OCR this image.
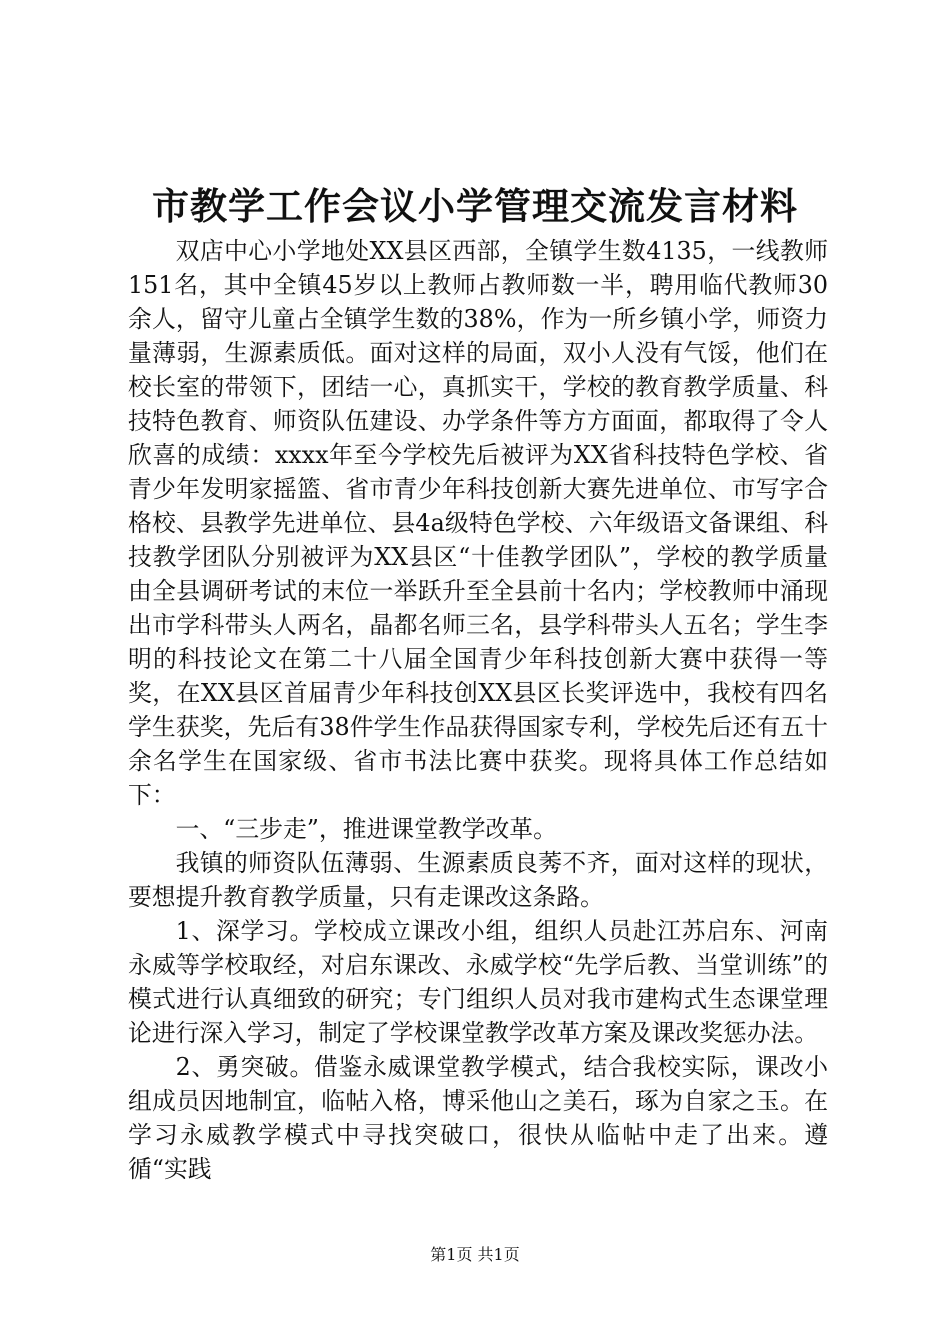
市教学工作会议小学管理交流发言材料

双店中心小学地处XX县区西部，全镇学生数4135，一线教师151名，其中全镇45岁以上教师占教师数一半，聘用临代教师30余人，留守儿童占全镇学生数的38%，作为一所乡镇小学，师资力量薄弱，生源素质低。面对这样的局面，双小人没有气馁，他们在校长室的带领下，团结一心，真抓实干，学校的教育教学质量、科技特色教育、师资队伍建设、办学条件等方方面面，都取得了令人欣喜的成绩：xxxx年至今学校先后被评为XX省科技特色学校、省青少年发明家摇篮、省市青少年科技创新大赛先进单位、市写字合格校、县教学先进单位、县4a级特色学校、六年级语文备课组、科技教学团队分别被评为XX县区“十佳教学团队”，学校的教学质量由全县调研考试的末位一举跃升至全县前十名内；学校教师中涌现出市学科带头人两名，晶都名师三名，县学科带头人五名；学生李明的科技论文在第二十八届全国青少年科技创新大赛中获得一等奖，在XX县区首届青少年科技创XX县区长奖评选中，我校有四名学生获奖，先后有38件学生作品获得国家专利，学校先后还有五十余名学生在国家级、省市书法比赛中获奖。现将具体工作总结如下：

一、“三步走”，推进课堂教学改革。

我镇的师资队伍薄弱、生源素质良莠不齐，面对这样的现状，要想提升教育教学质量，只有走课改这条路。

1、深学习。学校成立课改小组，组织人员赴江苏启东、河南永威等学校取经，对启东课改、永威学校“先学后教、当堂训练”的模式进行认真细致的研究；专门组织人员对我市建构式生态课堂理论进行深入学习，制定了学校课堂教学改革方案及课改奖惩办法。

2、勇突破。借鉴永威课堂教学模式，结合我校实际，课改小组成员因地制宜，临帖入格，博采他山之美石，琢为自家之玉。在学习永威教学模式中寻找突破口，很快从临帖中走了出来。遵循“实践

第1页 共1页
